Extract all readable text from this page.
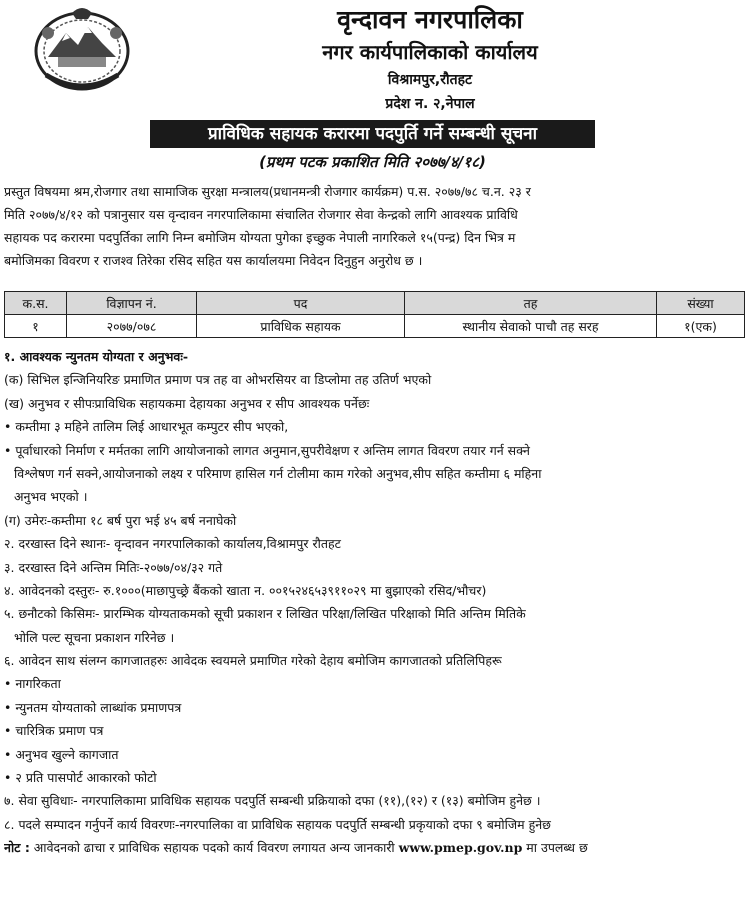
वृन्दावन नगरपालिका
नगर कार्यपालिकाको कार्यालय
विश्रामपुर,रौतहट
प्रदेश न. २,नेपाल
प्राविधिक सहायक करारमा पदपुर्ति गर्ने सम्बन्धी सूचना
(प्रथम पटक प्रकाशित मिति २०७७/४/१८)
प्रस्तुत विषयमा श्रम,रोजगार तथा सामाजिक सुरक्षा मन्त्रालय(प्रधानमन्त्री रोजगार कार्यक्रम) प.स. २०७७/७८ च.न. २३ र
मिति २०७७/४/१२ को पत्रानुसार यस वृन्दावन नगरपालिकामा संचालित रोजगार सेवा केन्द्रको लागि आवश्यक प्राविधि
सहायक पद करारमा पदपुर्तिका लागि निम्न बमोजिम योग्यता पुगेका इच्छुक नेपाली नागरिकले १५(पन्द्र) दिन भित्र म
बमोजिमका विवरण र राजश्व तिरेका रसिद सहित यस कार्यालयमा निवेदन दिनुहुन अनुरोध छ ।
क.स.	विज्ञापन नं.	पद	तह	संख्या
१	२०७७/०७८	प्राविधिक सहायक	स्थानीय सेवाको पाचौ तह सरह	१(एक)
१. आवश्यक न्युनतम योग्यता र अनुभवः-
(क) सिभिल इन्जिनियरिङ प्रमाणित प्रमाण पत्र तह वा ओभरसियर वा डिप्लोमा तह उतिर्ण भएको
(ख) अनुभव र सीपःप्राविधिक सहायकमा देहायका अनुभव र सीप आवश्यक पर्नेछः
• कम्तीमा ३ महिने तालिम लिई आधारभूत कम्पुटर सीप भएको,
• पूर्वाधारको निर्माण र मर्मतका लागि आयोजनाको लागत अनुमान,सुपरीवेक्षण र अन्तिम लागत विवरण तयार गर्न सक्ने
विश्लेषण गर्न सक्ने,आयोजनाको लक्ष्य र परिमाण हासिल गर्न टोलीमा काम गरेको अनुभव,सीप सहित कम्तीमा ६ महिना
अनुभव भएको ।
(ग) उमेरः-कम्तीमा १८ बर्ष पुरा भई ४५ बर्ष ननाघेको
२. दरखास्त दिने स्थानः- वृन्दावन नगरपालिकाको कार्यालय,विश्रामपुर रौतहट
३. दरखास्त दिने अन्तिम मितिः-२०७७/०४/३२ गते
४. आवेदनको दस्तुरः- रु.१०००(माछापुच्छ्रे बैंकको खाता न. ००१५२४६५३९११०२९ मा बुझाएको रसिद/भौचर)
५. छनौटको किसिमः- प्रारम्भिक योग्यताकमको सूची प्रकाशन र लिखित परिक्षा/लिखित परिक्षाको मिति अन्तिम मितिके
भोलि पल्ट सूचना प्रकाशन गरिनेछ ।
६. आवेदन साथ संलग्न कागजातहरुः आवेदक स्वयमले प्रमाणित गरेको देहाय बमोजिम कागजातको प्रतिलिपिहरू
• नागरिकता
• न्युनतम योग्यताको लाब्धांक प्रमाणपत्र
• चारित्रिक प्रमाण पत्र
• अनुभव खुल्ने कागजात
• २ प्रति पासपोर्ट आकारको फोटो
७. सेवा सुविधाः- नगरपालिकामा प्राविधिक सहायक पदपुर्ति सम्बन्धी प्रक्रियाको दफा (११),(१२) र (१३) बमोजिम हुनेछ ।
८. पदले सम्पादन गर्नुपर्ने कार्य विवरणः-नगरपालिका वा प्राविधिक सहायक पदपुर्ति सम्बन्धी प्रकृयाको दफा ९ बमोजिम हुनेछ
नोट : आवेदनको ढाचा र प्राविधिक सहायक पदको कार्य विवरण लगायत अन्य जानकारी www.pmep.gov.np मा उपलब्ध छ
